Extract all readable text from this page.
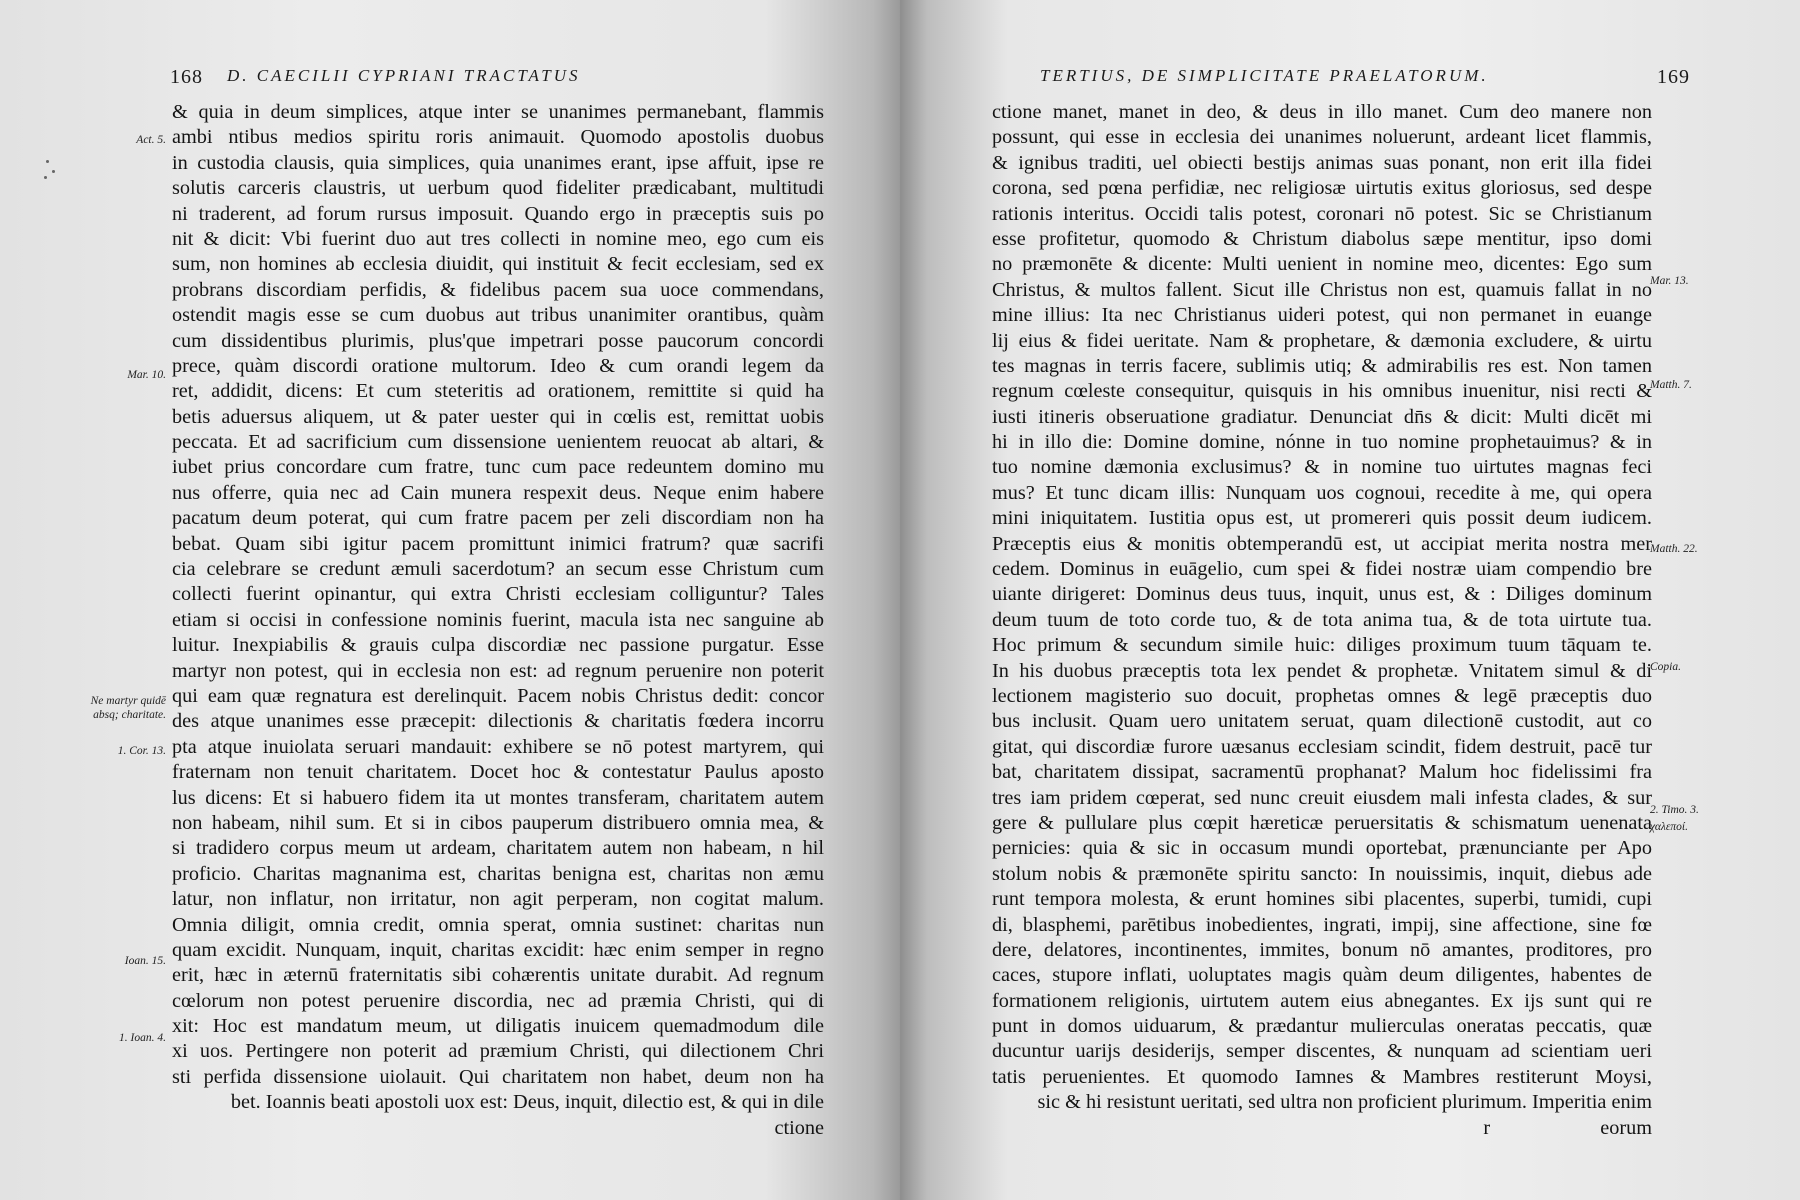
168 D. CAECILII CYPRIANI TRACTATUS
& quia in deum simplices, atque inter se unanimes permanebant, flammis
ambi ntibus medios spiritu roris animauit. Quomodo apostolis duobus
in custodia clausis, quia simplices, quia unanimes erant, ipse affuit, ipse re
solutis carceris claustris, ut uerbum quod fideliter prædicabant, multitudi
ni traderent, ad forum rursus imposuit. Quando ergo in præceptis suis po
nit & dicit: Vbi fuerint duo aut tres collecti in nomine meo, ego cum eis
sum, non homines ab ecclesia diuidit, qui instituit & fecit ecclesiam, sed ex
probrans discordiam perfidis, & fidelibus pacem sua uoce commendans,
ostendit magis esse se cum duobus aut tribus unanimiter orantibus, quàm
cum dissidentibus plurimis, plus'que impetrari posse paucorum concordi
prece, quàm discordi oratione multorum. Ideo & cum orandi legem da
ret, addidit, dicens: Et cum steteritis ad orationem, remittite si quid ha
betis aduersus aliquem, ut & pater uester qui in cœlis est, remittat uobis
peccata. Et ad sacrificium cum dissensione uenientem reuocat ab altari, &
iubet prius concordare cum fratre, tunc cum pace redeuntem domino mu
nus offerre, quia nec ad Cain munera respexit deus. Neque enim habere
pacatum deum poterat, qui cum fratre pacem per zeli discordiam non ha
bebat. Quam sibi igitur pacem promittunt inimici fratrum? quæ sacrifi
cia celebrare se credunt æmuli sacerdotum? an secum esse Christum cum
collecti fuerint opinantur, qui extra Christi ecclesiam colliguntur? Tales
etiam si occisi in confessione nominis fuerint, macula ista nec sanguine ab
luitur. Inexpiabilis & grauis culpa discordiæ nec passione purgatur. Esse
martyr non potest, qui in ecclesia non est: ad regnum peruenire non poterit
qui eam quæ regnatura est derelinquit. Pacem nobis Christus dedit: concor
des atque unanimes esse præcepit: dilectionis & charitatis fœdera incorru
pta atque inuiolata seruari mandauit: exhibere se nō potest martyrem, qui
fraternam non tenuit charitatem. Docet hoc & contestatur Paulus aposto
lus dicens: Et si habuero fidem ita ut montes transferam, charitatem autem
non habeam, nihil sum. Et si in cibos pauperum distribuero omnia mea, &
si tradidero corpus meum ut ardeam, charitatem autem non habeam, n hil
proficio. Charitas magnanima est, charitas benigna est, charitas non æmu
latur, non inflatur, non irritatur, non agit perperam, non cogitat malum.
Omnia diligit, omnia credit, omnia sperat, omnia sustinet: charitas nun
quam excidit. Nunquam, inquit, charitas excidit: hæc enim semper in regno
erit, hæc in æternū fraternitatis sibi cohærentis unitate durabit. Ad regnum
cœlorum non potest peruenire discordia, nec ad præmia Christi, qui di
xit: Hoc est mandatum meum, ut diligatis inuicem quemadmodum dile
xi uos. Pertingere non poterit ad præmium Christi, qui dilectionem Chri
sti perfida dissensione uiolauit. Qui charitatem non habet, deum non ha
bet. Ioannis beati apostoli uox est: Deus, inquit, dilectio est, & qui in dile
ctione
Act. 5.
Mar. 10.
Ne martyr quidē absq; charitate.
1. Cor. 13.
Ioan. 15.
1. Ioan. 4.
TERTIUS, DE SIMPLICITATE PRAELATORUM.	169
ctione manet, manet in deo, & deus in illo manet. Cum deo manere non
possunt, qui esse in ecclesia dei unanimes noluerunt, ardeant licet flammis,
& ignibus traditi, uel obiecti bestijs animas suas ponant, non erit illa fidei
corona, sed pœna perfidiæ, nec religiosæ uirtutis exitus gloriosus, sed despe
rationis interitus. Occidi talis potest, coronari nō potest. Sic se Christianum
esse profitetur, quomodo & Christum diabolus sæpe mentitur, ipso domi
no præmonēte & dicente: Multi uenient in nomine meo, dicentes: Ego sum
Christus, & multos fallent. Sicut ille Christus non est, quamuis fallat in no
mine illius: Ita nec Christianus uideri potest, qui non permanet in euange
lij eius & fidei ueritate. Nam & prophetare, & dæmonia excludere, & uirtu
tes magnas in terris facere, sublimis utiq; & admirabilis res est. Non tamen
regnum cœleste consequitur, quisquis in his omnibus inuenitur, nisi recti &
iusti itineris obseruatione gradiatur. Denunciat dn̄s & dicit: Multi dicēt mi
hi in illo die: Domine domine, nónne in tuo nomine prophetauimus? & in
tuo nomine dæmonia exclusimus? & in nomine tuo uirtutes magnas feci
mus? Et tunc dicam illis: Nunquam uos cognoui, recedite à me, qui opera
mini iniquitatem. Iustitia opus est, ut promereri quis possit deum iudicem.
Præceptis eius & monitis obtemperandū est, ut accipiat merita nostra mer
cedem. Dominus in euāgelio, cum spei & fidei nostræ uiam compendio bre
uiante dirigeret: Dominus deus tuus, inquit, unus est, & : Diliges dominum
deum tuum de toto corde tuo, & de tota anima tua, & de tota uirtute tua.
Hoc primum & secundum simile huic: diliges proximum tuum tāquam te.
In his duobus præceptis tota lex pendet & prophetæ. Vnitatem simul & di
lectionem magisterio suo docuit, prophetas omnes & legē præceptis duo
bus inclusit. Quam uero unitatem seruat, quam dilectionē custodit, aut co
gitat, qui discordiæ furore uæsanus ecclesiam scindit, fidem destruit, pacē tur
bat, charitatem dissipat, sacramentū prophanat? Malum hoc fidelissimi fra
tres iam pridem cœperat, sed nunc creuit eiusdem mali infesta clades, & sur
gere & pullulare plus cœpit hæreticæ peruersitatis & schismatum uenenata
pernicies: quia & sic in occasum mundi oportebat, prænunciante per Apo
stolum nobis & præmonēte spiritu sancto: In nouissimis, inquit, diebus ade
runt tempora molesta, & erunt homines sibi placentes, superbi, tumidi, cupi
di, blasphemi, parētibus inobedientes, ingrati, impij, sine affectione, sine fœ
dere, delatores, incontinentes, immites, bonum nō amantes, proditores, pro
caces, stupore inflati, uoluptates magis quàm deum diligentes, habentes de
formationem religionis, uirtutem autem eius abnegantes. Ex ijs sunt qui re
punt in domos uiduarum, & prædantur mulierculas oneratas peccatis, quæ
ducuntur uarijs desiderijs, semper discentes, & nunquam ad scientiam ueri
tatis peruenientes. Et quomodo Iamnes & Mambres restiterunt Moysi,
sic & hi resistunt ueritati, sed ultra non proficient plurimum. Imperitia enim
r	eorum
Mar. 13.
Matth. 7.
Matth. 22.
Copia.
2. Timo. 3.
χαλεποί.
